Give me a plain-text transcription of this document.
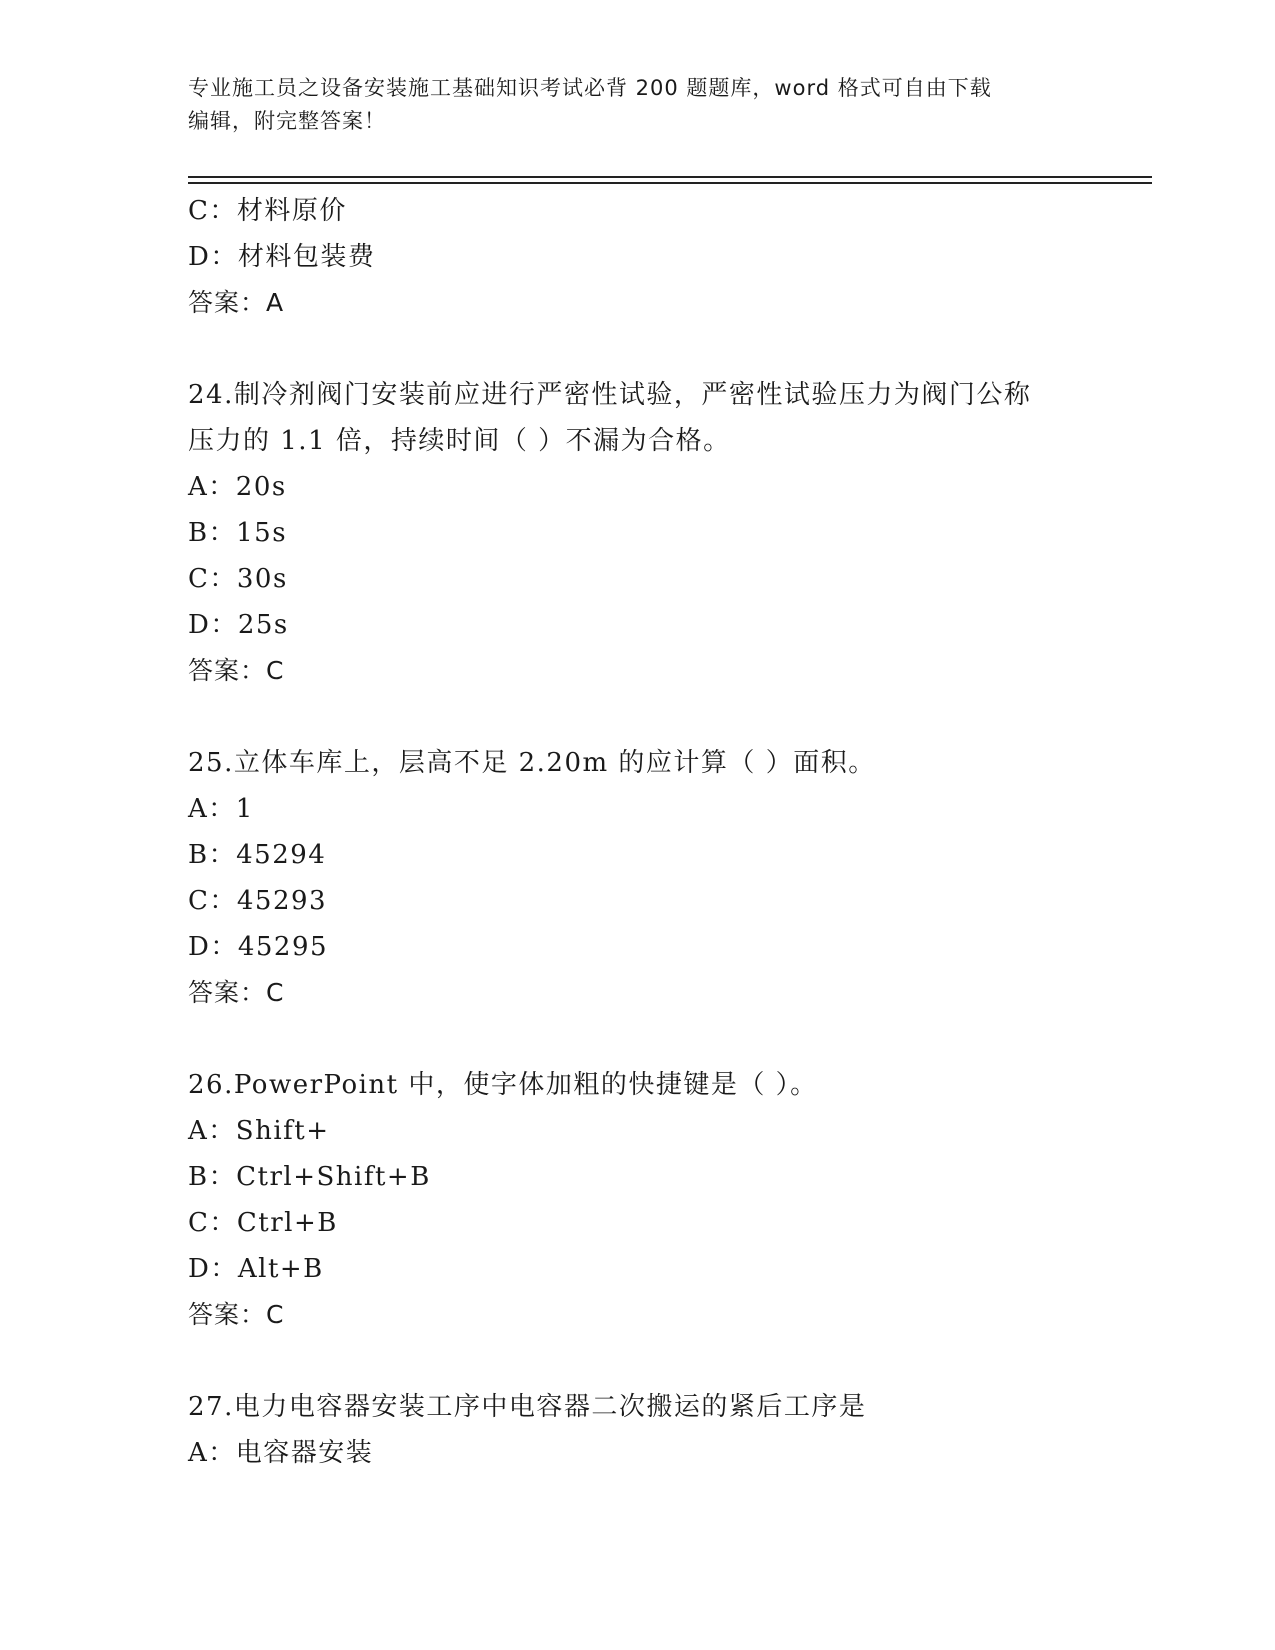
专业施工员之设备安装施工基础知识考试必背 200 题题库，word 格式可自由下载
编辑，附完整答案！
C：材料原价
D：材料包装费
答案：A
24.制冷剂阀门安装前应进行严密性试验，严密性试验压力为阀门公称
压力的 1.1 倍，持续时间（ ）不漏为合格。
A：20s
B：15s
C：30s
D：25s
答案：C
25.立体车库上，层高不足 2.20m 的应计算（ ）面积。
A：1
B：45294
C：45293
D：45295
答案：C
26.PowerPoint 中，使字体加粗的快捷键是（ ）。
A：Shift+
B：Ctrl+Shift+B
C：Ctrl+B
D：Alt+B
答案：C
27.电力电容器安装工序中电容器二次搬运的紧后工序是
A：电容器安装
